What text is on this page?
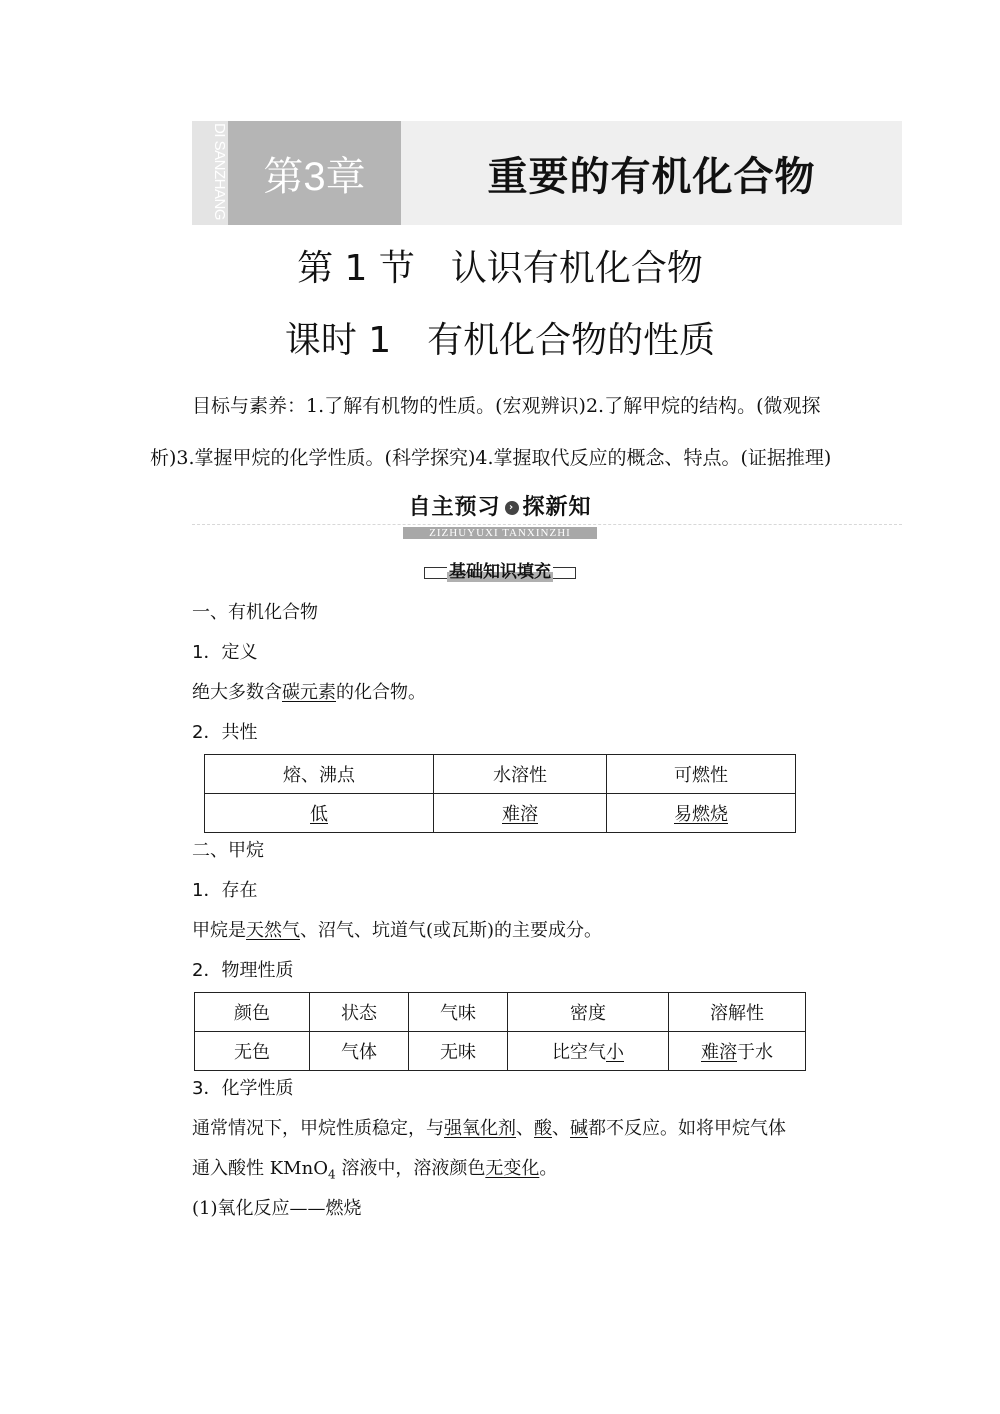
DI SANZHANG 第3章	重要的有机化合物
第 1 节　认识有机化合物
课时 1　有机化合物的性质

目标与素养：1.了解有机物的性质。(宏观辨识)2.了解甲烷的结构。(微观探

析)3.掌握甲烷的化学性质。(科学探究)4.掌握取代反应的概念、特点。(证据推理)

自主预习 › 探新知
ZIZHUYUXI TANXINZHI
基础知识填充
一、有机化合物
1．定义
绝大多数含碳元素的化合物。
2．共性
熔、沸点	水溶性	可燃性
低	难溶	易燃烧
二、甲烷
1．存在
甲烷是天然气、沼气、坑道气(或瓦斯)的主要成分。
2．物理性质
颜色	状态	气味	密度	溶解性
无色	气体	无味	比空气小	难溶于水
3．化学性质
通常情况下，甲烷性质稳定，与强氧化剂、酸、碱都不反应。如将甲烷气体
通入酸性 KMnO$_4$ 溶液中，溶液颜色无变化。
(1)氧化反应——燃烧
